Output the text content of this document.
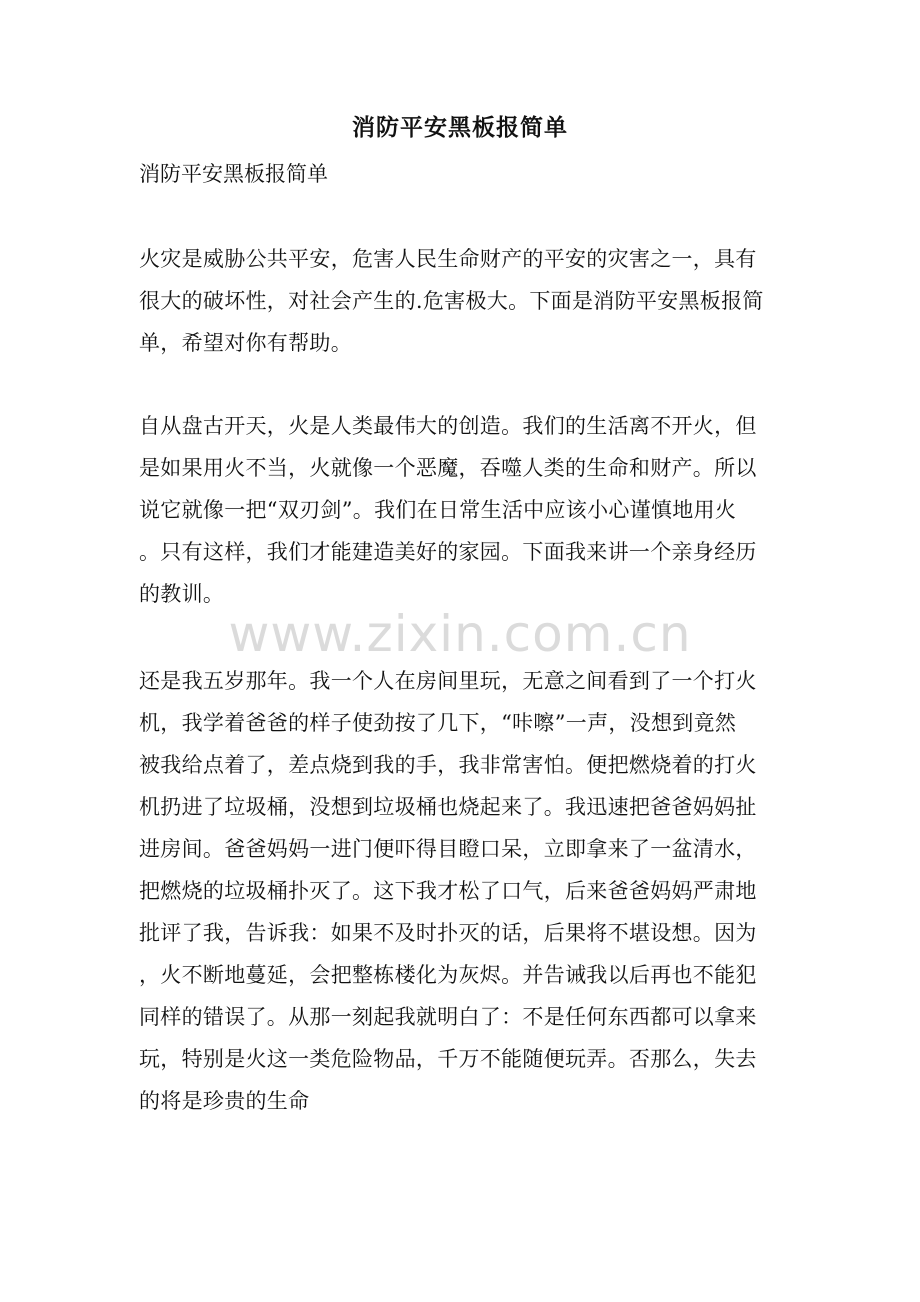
消防平安黑板报简单
消防平安黑板报简单
火灾是威胁公共平安，危害人民生命财产的平安的灾害之一，具有
很大的破坏性，对社会产生的.危害极大。下面是消防平安黑板报简
单，希望对你有帮助。
自从盘古开天，火是人类最伟大的创造。我们的生活离不开火，但
是如果用火不当，火就像一个恶魔，吞噬人类的生命和财产。所以
说它就像一把“双刃剑”。我们在日常生活中应该小心谨慎地用火
。只有这样，我们才能建造美好的家园。下面我来讲一个亲身经历
的教训。
www.zixin.com.cn
还是我五岁那年。我一个人在房间里玩，无意之间看到了一个打火
机，我学着爸爸的样子使劲按了几下，“咔嚓”一声，没想到竟然
被我给点着了，差点烧到我的手，我非常害怕。便把燃烧着的打火
机扔进了垃圾桶，没想到垃圾桶也烧起来了。我迅速把爸爸妈妈扯
进房间。爸爸妈妈一进门便吓得目瞪口呆，立即拿来了一盆清水，
把燃烧的垃圾桶扑灭了。这下我才松了口气，后来爸爸妈妈严肃地
批评了我，告诉我：如果不及时扑灭的话，后果将不堪设想。因为
，火不断地蔓延，会把整栋楼化为灰烬。并告诫我以后再也不能犯
同样的错误了。从那一刻起我就明白了：不是任何东西都可以拿来
玩，特别是火这一类危险物品，千万不能随便玩弄。否那么，失去
的将是珍贵的生命
